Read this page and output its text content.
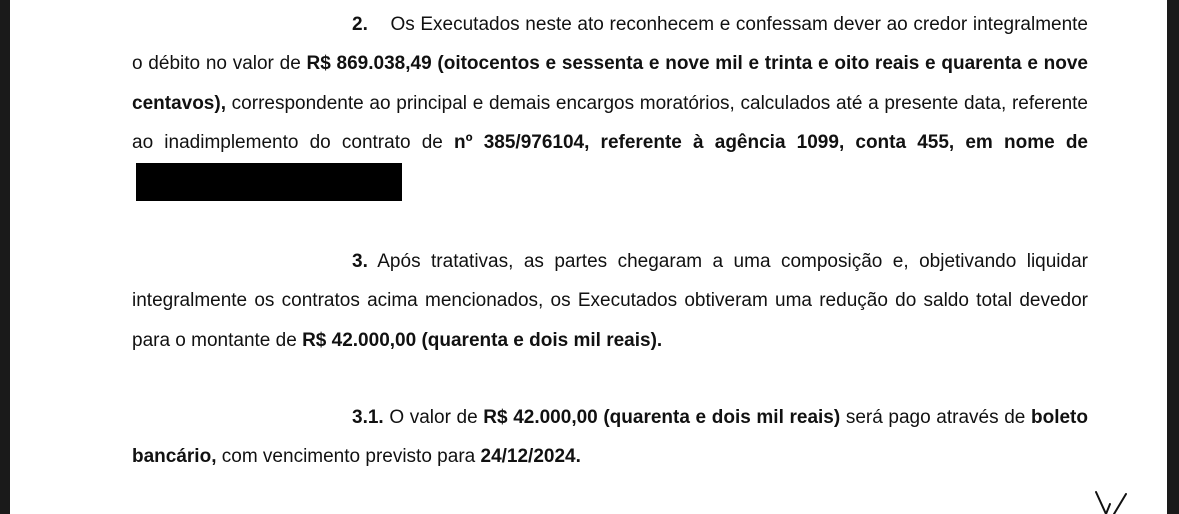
2. Os Executados neste ato reconhecem e confessam dever ao credor integralmente o débito no valor de R$ 869.038,49 (oitocentos e sessenta e nove mil e trinta e oito reais e quarenta e nove centavos), correspondente ao principal e demais encargos moratórios, calculados até a presente data, referente ao inadimplemento do contrato de nº 385/976104, referente à agência 1099, conta 455, em nome de

3. Após tratativas, as partes chegaram a uma composição e, objetivando liquidar integralmente os contratos acima mencionados, os Executados obtiveram uma redução do saldo total devedor para o montante de R$ 42.000,00 (quarenta e dois mil reais).

3.1. O valor de R$ 42.000,00 (quarenta e dois mil reais) será pago através de boleto bancário, com vencimento previsto para 24/12/2024.
